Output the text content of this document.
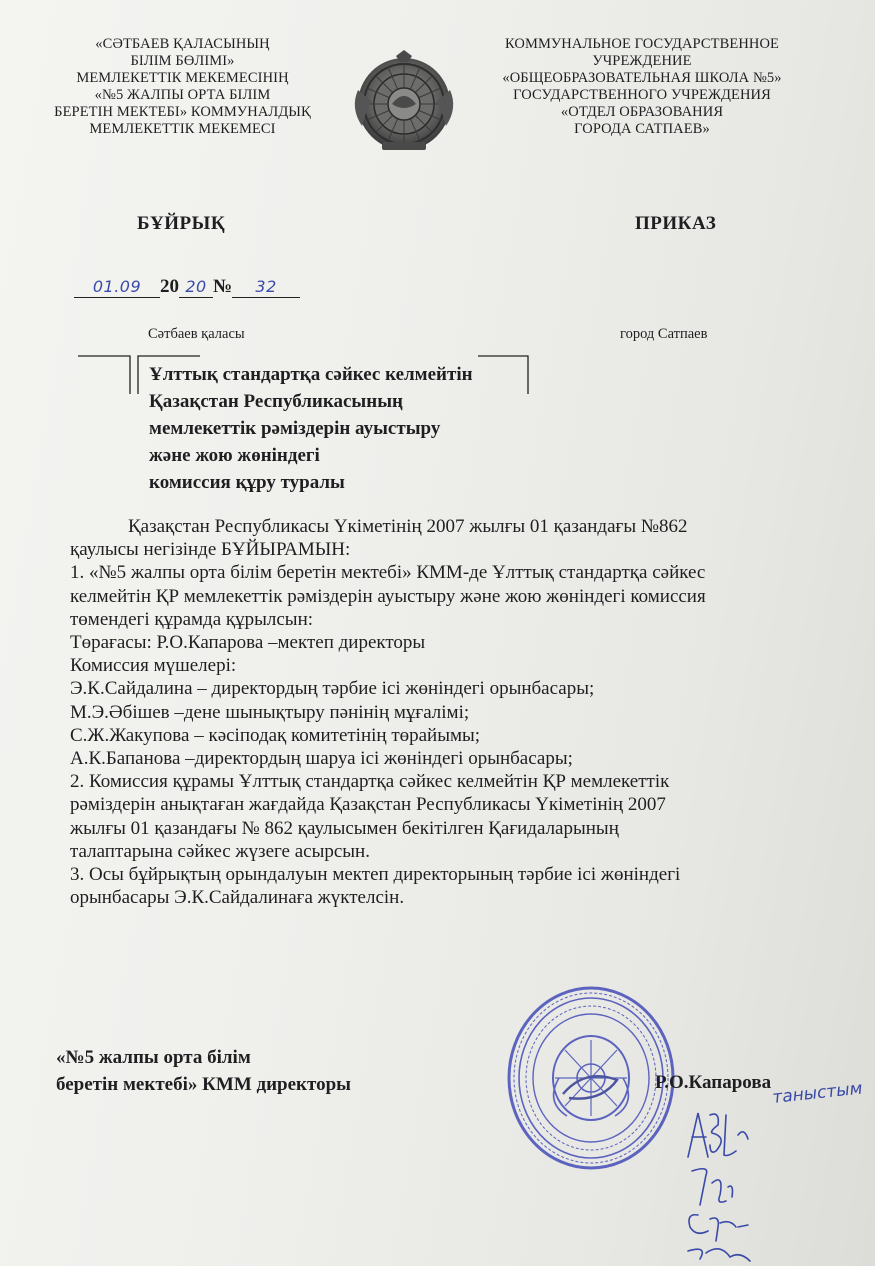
«СӘТБАЕВ ҚАЛАСЫНЫҢ
БІЛІМ БӨЛІМІ»
МЕМЛЕКЕТТІК МЕКЕМЕСІНІҢ
«№5 ЖАЛПЫ ОРТА БІЛІМ
БЕРЕТІН МЕКТЕБІ» КОММУНАЛДЫҚ
МЕМЛЕКЕТТІК МЕКЕМЕСІ
КОММУНАЛЬНОЕ ГОСУДАРСТВЕННОЕ
УЧРЕЖДЕНИЕ
«ОБЩЕОБРАЗОВАТЕЛЬНАЯ ШКОЛА №5»
ГОСУДАРСТВЕННОГО УЧРЕЖДЕНИЯ
«ОТДЕЛ ОБРАЗОВАНИЯ
ГОРОДА САТПАЕВ»
БҰЙРЫҚ	ПРИКАЗ
01.09 20 20 № 32
Сәтбаев қаласы	город Сатпаев
Ұлттық стандартқа сәйкес келмейтін
Қазақстан Республикасының
мемлекеттік рәміздерін ауыстыру
және жою жөніндегі
комиссия құру туралы
Қазақстан Республикасы Үкіметінің 2007 жылғы 01 қазандағы №862
қаулысы негізінде БҰЙЫРАМЫН:
1. «№5 жалпы орта білім беретін мектебі» КММ-де Ұлттық стандартқа сәйкес
келмейтін ҚР мемлекеттік рәміздерін ауыстыру және жою жөніндегі комиссия
төмендегі құрамда құрылсын:
Төрағасы: Р.О.Капарова –мектеп директоры
Комиссия мүшелері:
Э.К.Сайдалина – директордың тәрбие ісі жөніндегі орынбасары;
М.Э.Әбішев –дене шынықтыру пәнінің мұғалімі;
С.Ж.Жакупова – кәсіподақ комитетінің төрайымы;
А.К.Бапанова –директордың шаруа ісі жөніндегі орынбасары;
2. Комиссия құрамы Ұлттық стандартқа сәйкес келмейтін ҚР мемлекеттік
рәміздерін анықтаған жағдайда Қазақстан Республикасы Үкіметінің 2007
жылғы 01 қазандағы № 862 қаулысымен бекітілген Қағидаларының
талаптарына сәйкес жүзеге асырсын.
3. Осы бұйрықтың орындалуын мектеп директорының тәрбие ісі жөніндегі
орынбасары Э.К.Сайдалинаға жүктелсін.
«№5 жалпы орта білім
беретін мектебі» КММ директоры	Р.О.Капарова таныстым
